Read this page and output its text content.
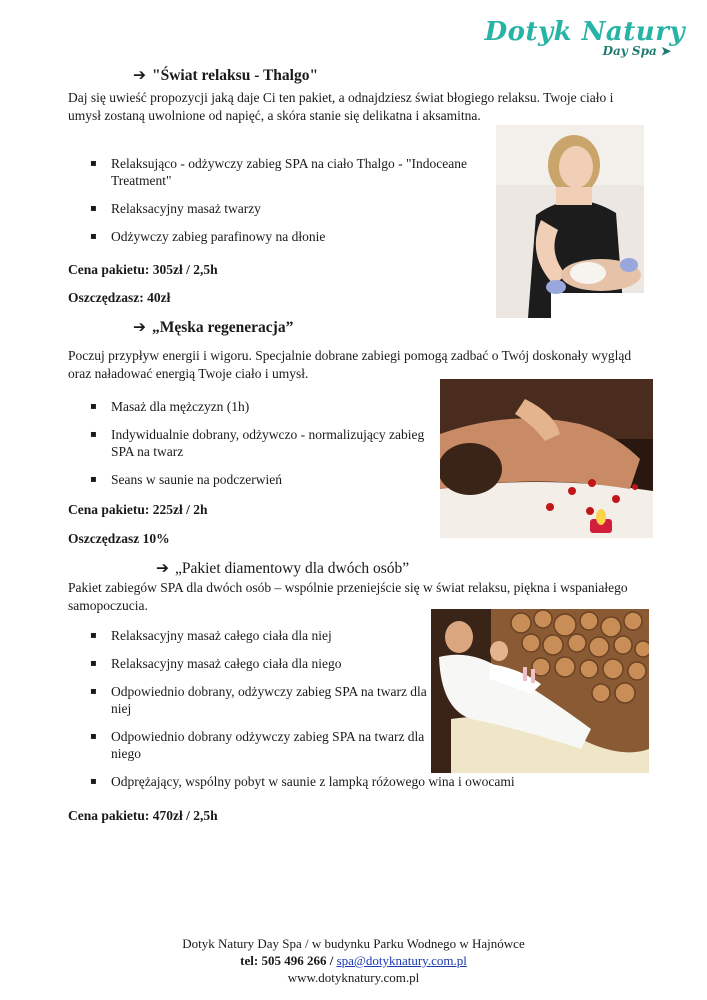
Dotyk Natury
Day Spa ➤
➔ "Świat relaksu - Thalgo"
Daj się uwieść propozycji jaką daje Ci ten pakiet, a odnajdziesz świat błogiego relaksu. Twoje ciało i umysł zostaną uwolnione od napięć, a skóra stanie się delikatna i aksamitna.
▪ Relaksująco - odżywczy zabieg SPA na ciało Thalgo - "Indoceane Treatment"
▪ Relaksacyjny masaż twarzy
▪ Odżywczy zabieg parafinowy na dłonie
Cena pakietu: 305zł / 2,5h
Oszczędzasz: 40zł
➔ „Męska regeneracja”
Poczuj przypływ energii i wigoru. Specjalnie dobrane zabiegi pomogą zadbać o Twój doskonały wygląd oraz naładować energią Twoje ciało i umysł.
▪ Masaż dla mężczyzn (1h)
▪ Indywidualnie dobrany, odżywczo - normalizujący zabieg SPA na twarz
▪ Seans w saunie na podczerwień
Cena pakietu: 225zł / 2h
Oszczędzasz 10%
➔ „Pakiet diamentowy dla dwóch osób”
Pakiet zabiegów SPA dla dwóch osób – wspólnie przeniejście się w świat relaksu, piękna i wspaniałego samopoczucia.
▪ Relaksacyjny masaż całego ciała dla niej
▪ Relaksacyjny masaż całego ciała dla niego
▪ Odpowiednio dobrany, odżywczy zabieg SPA na twarz dla niej
▪ Odpowiednio dobrany odżywczy zabieg SPA na twarz dla niego
▪ Odprężający, wspólny pobyt w saunie z lampką różowego wina i owocami
Cena pakietu: 470zł / 2,5h
Dotyk Natury Day Spa / w budynku Parku Wodnego w Hajnówce
tel: 505 496 266 / spa@dotyknatury.com.pl
www.dotyknatury.com.pl
